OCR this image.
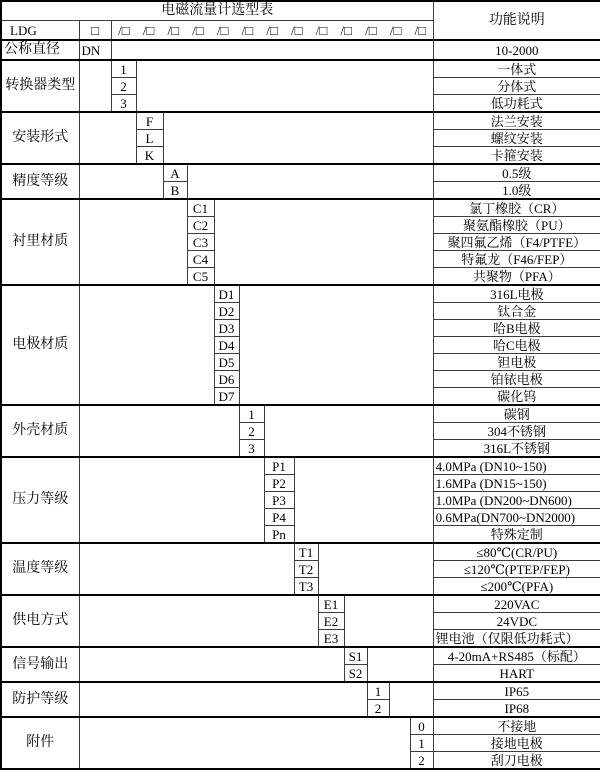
电磁流量计选型表															功能说明
LDG	□	/□	/□	/□	/□	/□	/□	/□	/□	/□	/□	/□	/□	/□

公称直径	DN														10-2000
转换器类型		1													一体式
		2													分体式
		3													低功耗式
安装形式			F												法兰安装
			L												螺纹安装
			K												卡箍安装
精度等级				A											0.5级
				B											1.0级
衬里材质					C1										氯丁橡胶（CR）
					C2										聚氨酯橡胶（PU）
					C3										聚四氟乙烯（F4/PTFE）
					C4										特氟龙（F46/FEP）
					C5										共聚物（PFA）
电极材质						D1									316L电极
						D2									钛合金
						D3									哈B电极
						D4									哈C电极
						D5									钽电极
						D6									铂铱电极
						D7									碳化钨
外壳材质							1								碳钢
							2								304不锈钢
							3								316L不锈钢
压力等级								P1							4.0MPa (DN10~150)
								P2							1.6MPa (DN15~150)
								P3							1.0MPa (DN200~DN600)
								P4							0.6MPa(DN700~DN2000)
								Pn							特殊定制
温度等级									T1						≤80℃(CR/PU)
									T2						≤120℃(PTEP/FEP)
									T3						≤200℃(PFA)
供电方式										E1					220VAC
										E2					24VDC
										E3					锂电池（仅限低功耗式）
信号输出											S1				4-20mA+RS485（标配）
											S2				HART
防护等级												1			IP65
												2			IP68
附件														0	不接地
														1	接地电极
														2	刮刀电极
